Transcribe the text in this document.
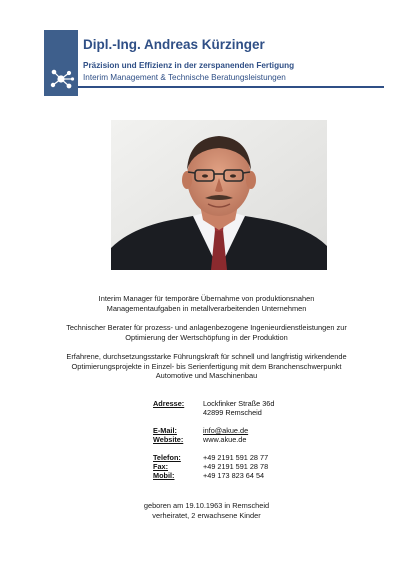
Dipl.-Ing. Andreas Kürzinger
Präzision und Effizienz in der zerspanenden Fertigung
Interim Management & Technische Beratungsleistungen
Interim Manager für temporäre Übernahme von produktionsnahen
Managementaufgaben in metallverarbeitenden Unternehmen
Technischer Berater für prozess- und anlagenbezogene Ingenieurdienstleistungen zur
Optimierung der Wertschöpfung in der Produktion
Erfahrene, durchsetzungsstarke Führungskraft für schnell und langfristig wirkendende
Optimierungsprojekte in Einzel- bis Serienfertigung mit dem Branchenschwerpunkt
Automotive und Maschinenbau
Adresse:	Lockfinker Straße 36d
42899 Remscheid
E-Mail:	info@akue.de
Website:	www.akue.de
Telefon:	+49 2191 591 28 77
Fax:	+49 2191 591 28 78
Mobil:	+49 173 823 64 54
geboren am 19.10.1963 in Remscheid
verheiratet, 2 erwachsene Kinder
